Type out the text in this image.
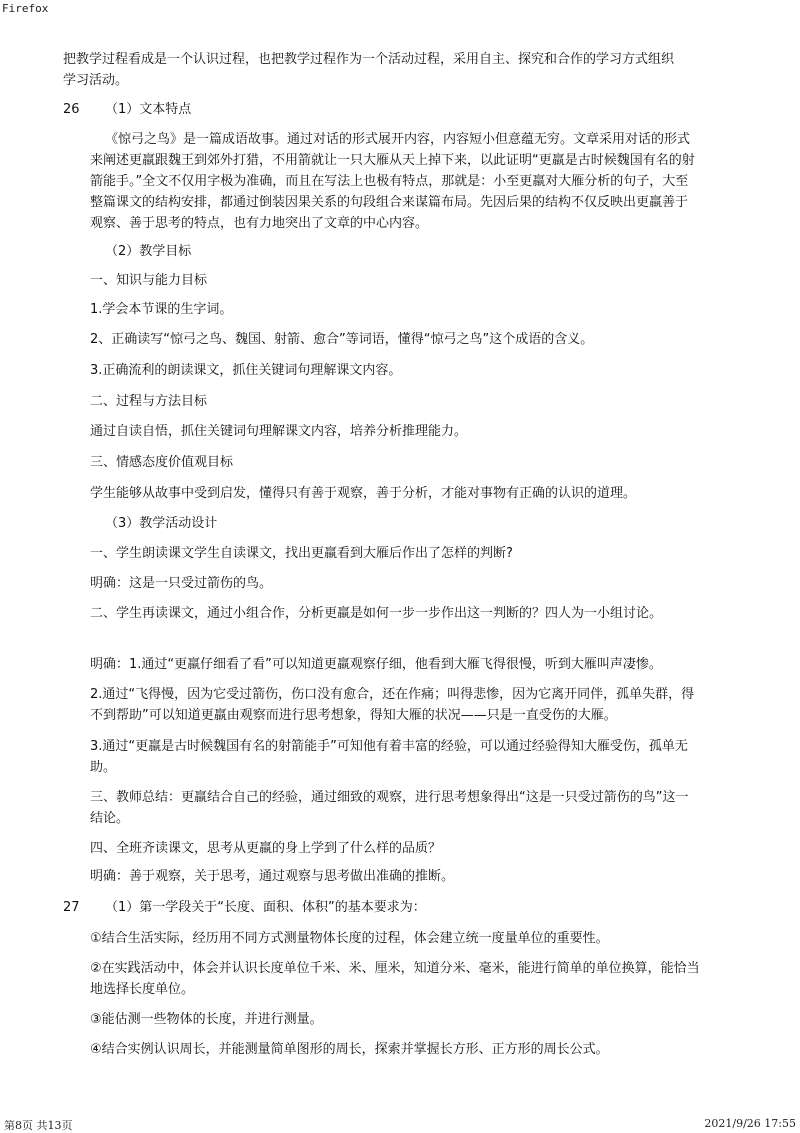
Firefox

把教学过程看成是一个认识过程，也把教学过程作为一个活动过程，采用自主、探究和合作的学习方式组织学习活动。

26 （1）文本特点

《惊弓之鸟》是一篇成语故事。通过对话的形式展开内容，内容短小但意蕴无穷。文章采用对话的形式来阐述更羸跟魏王到郊外打猎，不用箭就让一只大雁从天上掉下来，以此证明“更羸是古时候魏国有名的射箭能手。”全文不仅用字极为准确，而且在写法上也极有特点，那就是：小至更羸对大雁分析的句子，大至整篇课文的结构安排，都通过倒装因果关系的句段组合来谋篇布局。先因后果的结构不仅反映出更羸善于观察、善于思考的特点，也有力地突出了文章的中心内容。

（2）教学目标

一、知识与能力目标

1.学会本节课的生字词。

2、正确读写“惊弓之鸟、魏国、射箭、愈合”等词语，懂得“惊弓之鸟”这个成语的含义。

3.正确流利的朗读课文，抓住关键词句理解课文内容。

二、过程与方法目标

通过自读自悟，抓住关键词句理解课文内容，培养分析推理能力。

三、情感态度价值观目标

学生能够从故事中受到启发，懂得只有善于观察，善于分析，才能对事物有正确的认识的道理。

（3）教学活动设计

一、学生朗读课文学生自读课文，找出更羸看到大雁后作出了怎样的判断?

明确：这是一只受过箭伤的鸟。

二、学生再读课文，通过小组合作，分析更羸是如何一步一步作出这一判断的？四人为一小组讨论。

明确：1.通过“更羸仔细看了看”可以知道更羸观察仔细，他看到大雁飞得很慢，听到大雁叫声凄惨。

2.通过“飞得慢，因为它受过箭伤，伤口没有愈合，还在作痛；叫得悲惨，因为它离开同伴，孤单失群，得不到帮助”可以知道更羸由观察而进行思考想象，得知大雁的状况——只是一直受伤的大雁。

3.通过“更羸是古时候魏国有名的射箭能手”可知他有着丰富的经验，可以通过经验得知大雁受伤，孤单无助。

三、教师总结：更羸结合自己的经验，通过细致的观察，进行思考想象得出“这是一只受过箭伤的鸟”这一结论。

四、全班齐读课文，思考从更羸的身上学到了什么样的品质？

明确：善于观察，关于思考，通过观察与思考做出准确的推断。

27 （1）第一学段关于“长度、面积、体积”的基本要求为：

①结合生活实际，经历用不同方式测量物体长度的过程，体会建立统一度量单位的重要性。

②在实践活动中，体会并认识长度单位千米、米、厘米，知道分米、毫米，能进行简单的单位换算，能恰当地选择长度单位。

③能估测一些物体的长度，并进行测量。

④结合实例认识周长，并能测量简单图形的周长，探索并掌握长方形、正方形的周长公式。

第8页 共13页	2021/9/26 17:55
